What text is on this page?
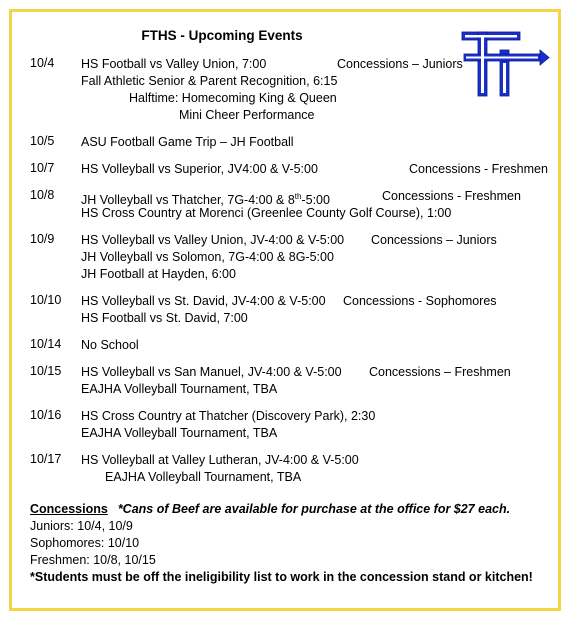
FTHS - Upcoming Events
10/4	HS Football vs Valley Union, 7:00	Concessions – Juniors
Fall Athletic Senior & Parent Recognition, 6:15
Halftime: Homecoming King & Queen
Mini Cheer Performance
10/5	ASU Football Game Trip – JH Football
10/7	HS Volleyball vs Superior, JV4:00 & V-5:00	Concessions - Freshmen
10/8	JH Volleyball vs Thatcher, 7G-4:00 & 8th-5:00	Concessions - Freshmen
HS Cross Country at Morenci (Greenlee County Golf Course), 1:00
10/9	HS Volleyball vs Valley Union, JV-4:00 & V-5:00 Concessions – Juniors
JH Volleyball vs Solomon, 7G-4:00 & 8G-5:00
JH Football at Hayden, 6:00
10/10	HS Volleyball vs St. David, JV-4:00 & V-5:00 Concessions - Sophomores
HS Football vs St. David, 7:00
10/14	No School
10/15	HS Volleyball vs San Manuel, JV-4:00 & V-5:00 Concessions – Freshmen
EAJHA Volleyball Tournament, TBA
10/16	HS Cross Country at Thatcher (Discovery Park), 2:30
EAJHA Volleyball Tournament, TBA
10/17	HS Volleyball at Valley Lutheran, JV-4:00 & V-5:00
EAJHA Volleyball Tournament, TBA
Concessions *Cans of Beef are available for purchase at the office for $27 each.
Juniors: 10/4, 10/9
Sophomores: 10/10
Freshmen: 10/8, 10/15
*Students must be off the ineligibility list to work in the concession stand or kitchen!
